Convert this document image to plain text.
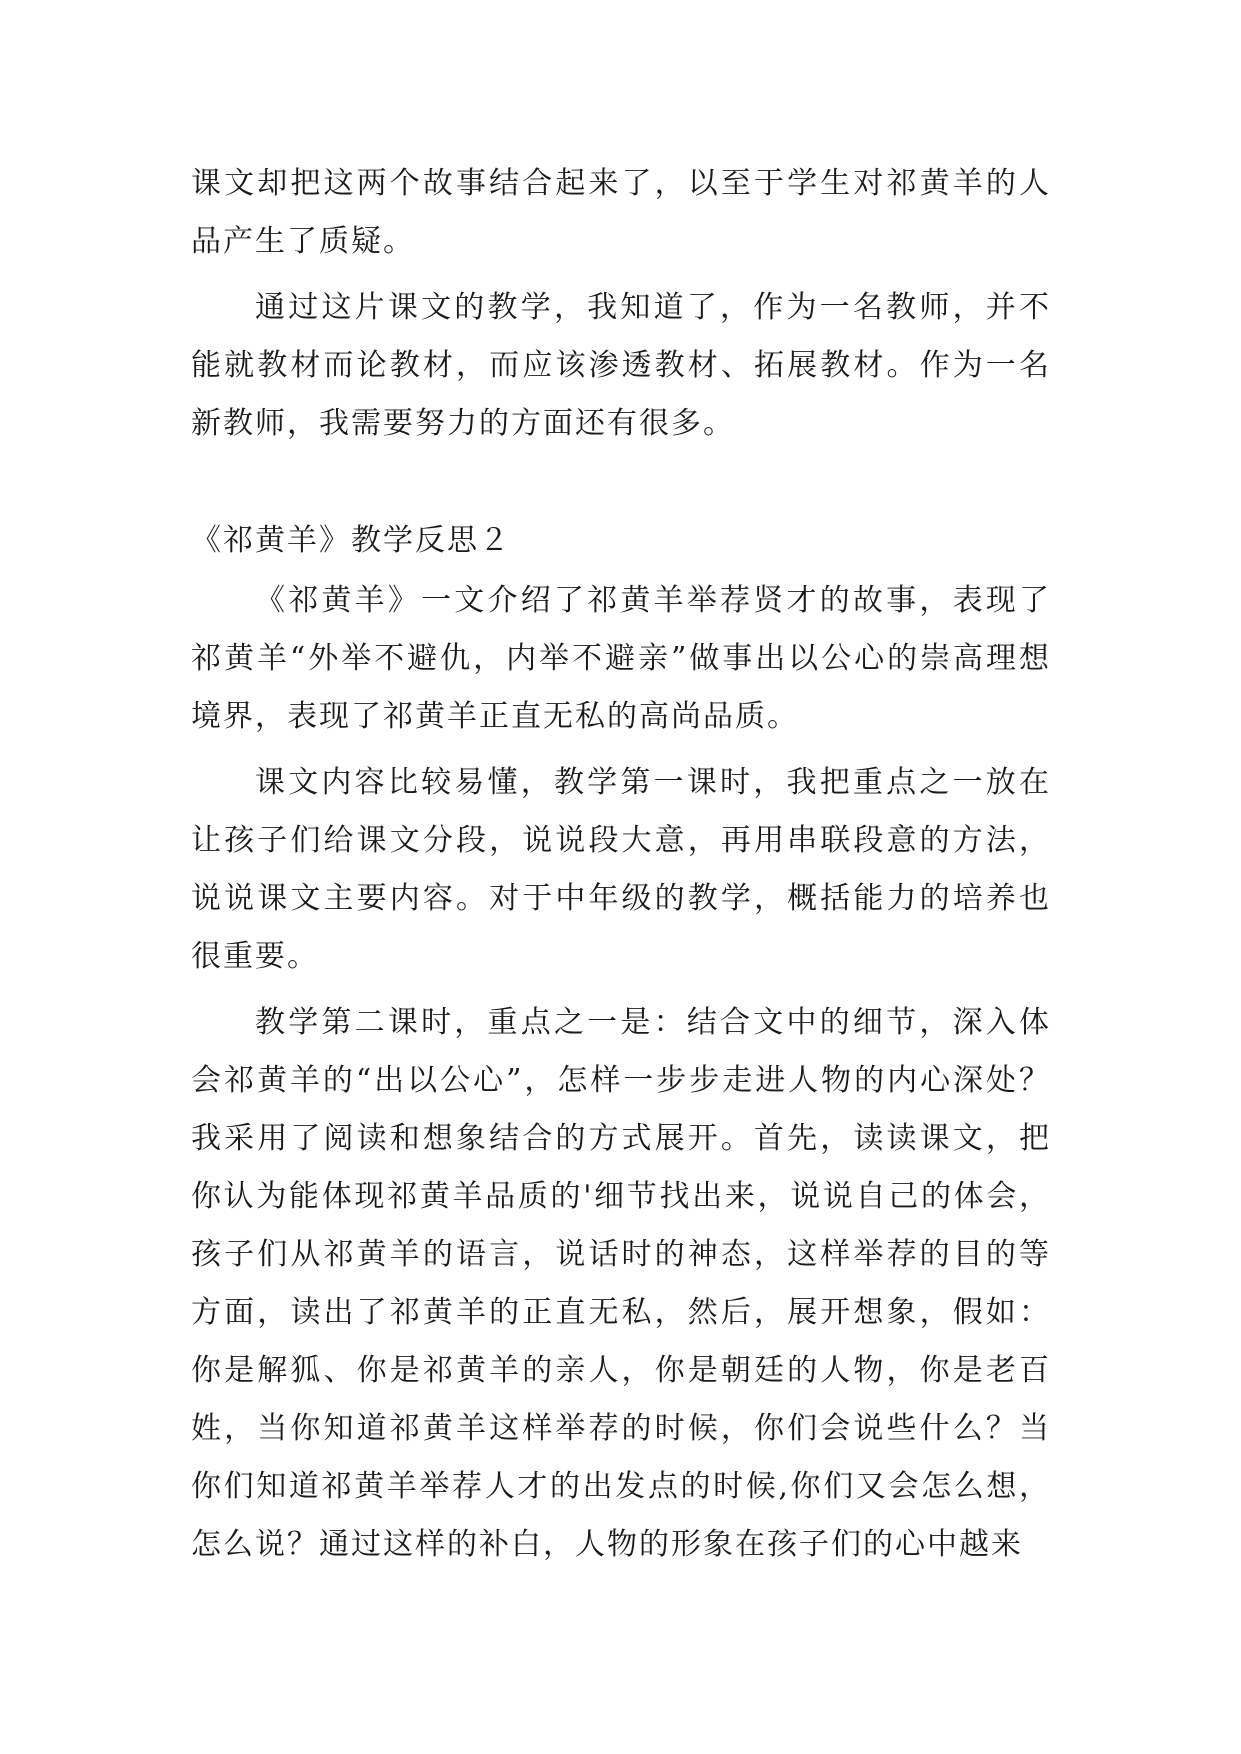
课文却把这两个故事结合起来了，以至于学生对祁黄羊的人品产生了质疑。

通过这片课文的教学，我知道了，作为一名教师，并不能就教材而论教材，而应该渗透教材、拓展教材。作为一名新教师，我需要努力的方面还有很多。

《祁黄羊》教学反思２

《祁黄羊》一文介绍了祁黄羊举荐贤才的故事，表现了祁黄羊“外举不避仇，内举不避亲”做事出以公心的崇高理想境界，表现了祁黄羊正直无私的高尚品质。

课文内容比较易懂，教学第一课时，我把重点之一放在让孩子们给课文分段，说说段大意，再用串联段意的方法，说说课文主要内容。对于中年级的教学，概括能力的培养也很重要。

教学第二课时，重点之一是：结合文中的细节，深入体会祁黄羊的“出以公心”，怎样一步步走进人物的内心深处？我采用了阅读和想象结合的方式展开。首先，读读课文，把你认为能体现祁黄羊品质的'细节找出来，说说自己的体会，孩子们从祁黄羊的语言，说话时的神态，这样举荐的目的等方面，读出了祁黄羊的正直无私，然后，展开想象，假如：你是解狐、你是祁黄羊的亲人，你是朝廷的人物，你是老百姓，当你知道祁黄羊这样举荐的时候，你们会说些什么？当你们知道祁黄羊举荐人才的出发点的时候,你们又会怎么想，怎么说？通过这样的补白，人物的形象在孩子们的心中越来
